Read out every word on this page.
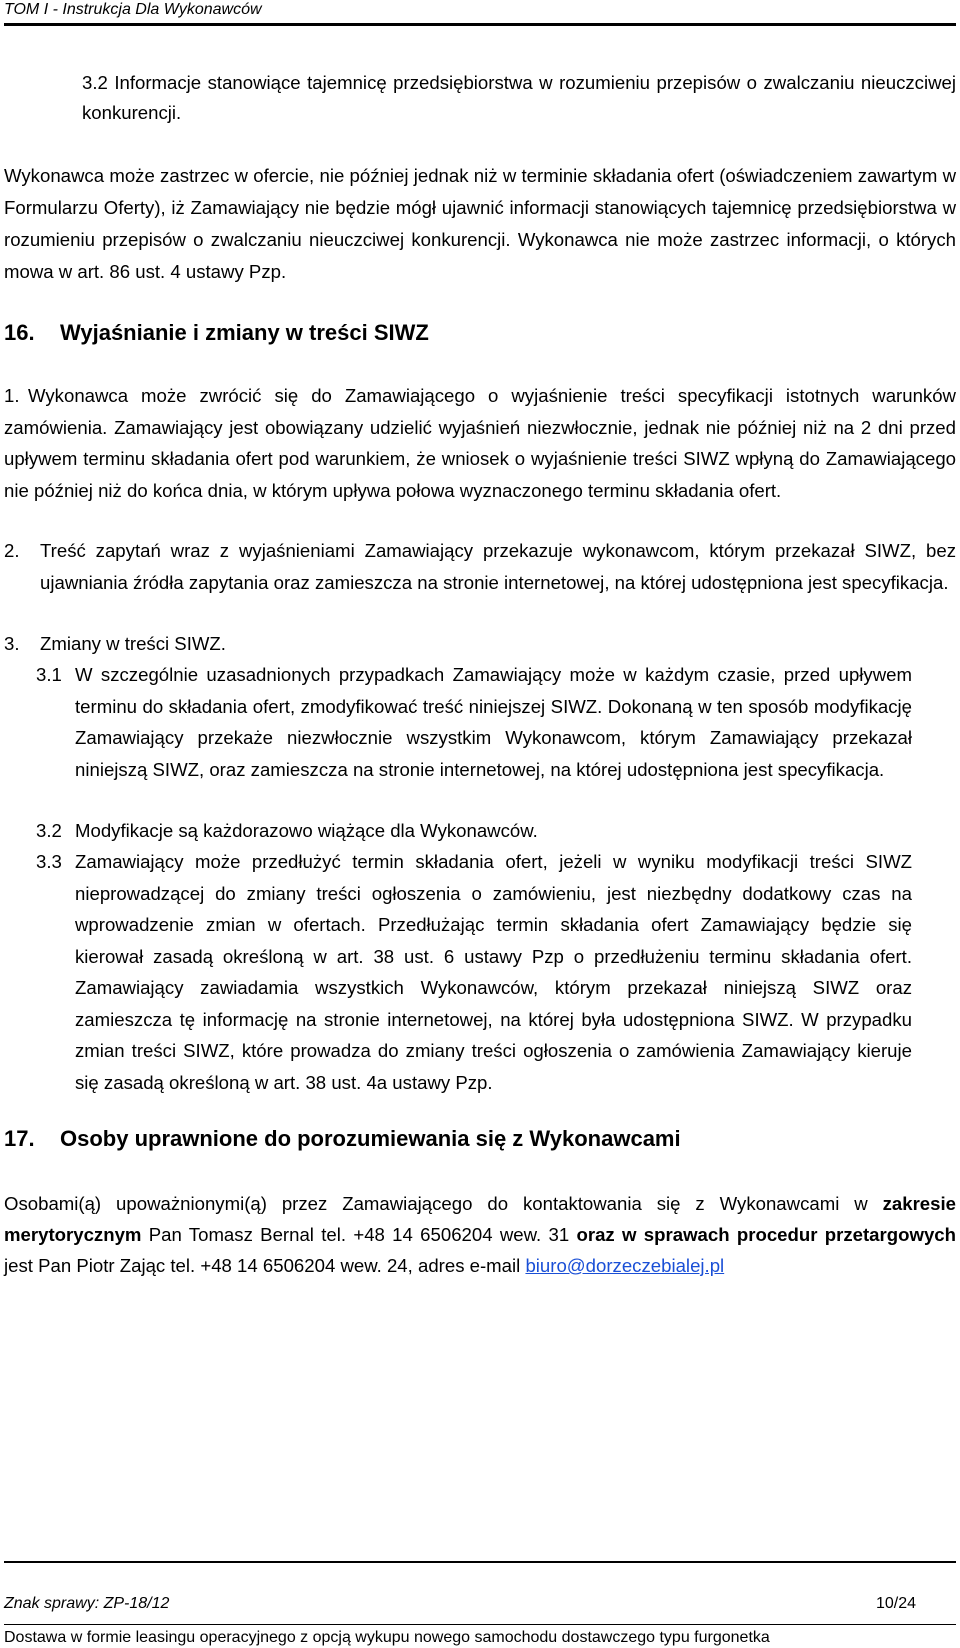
TOM I - Instrukcja Dla Wykonawców
3.2 Informacje stanowiące tajemnicę przedsiębiorstwa w rozumieniu przepisów o zwalczaniu nieuczciwej konkurencji.
Wykonawca może zastrzec w ofercie, nie później jednak niż w terminie składania ofert (oświadczeniem zawartym w Formularzu Oferty), iż Zamawiający nie będzie mógł ujawnić informacji stanowiących tajemnicę przedsiębiorstwa w rozumieniu przepisów o zwalczaniu nieuczciwej konkurencji. Wykonawca nie może zastrzec informacji, o których mowa w art. 86 ust. 4 ustawy Pzp.
16. Wyjaśnianie i zmiany w treści SIWZ
1. Wykonawca może zwrócić się do Zamawiającego o wyjaśnienie treści specyfikacji istotnych warunków zamówienia. Zamawiający jest obowiązany udzielić wyjaśnień niezwłocznie, jednak nie później niż na 2 dni przed upływem terminu składania ofert pod warunkiem, że wniosek o wyjaśnienie treści SIWZ wpłyną do Zamawiającego nie później niż do końca dnia, w którym upływa połowa wyznaczonego terminu składania ofert.
2. Treść zapytań wraz z wyjaśnieniami Zamawiający przekazuje wykonawcom, którym przekazał SIWZ, bez ujawniania źródła zapytania oraz zamieszcza na stronie internetowej, na której udostępniona jest specyfikacja.
3. Zmiany w treści SIWZ.
3.1 W szczególnie uzasadnionych przypadkach Zamawiający może w każdym czasie, przed upływem terminu do składania ofert, zmodyfikować treść niniejszej SIWZ. Dokonaną w ten sposób modyfikację Zamawiający przekaże niezwłocznie wszystkim Wykonawcom, którym Zamawiający przekazał niniejszą SIWZ, oraz zamieszcza na stronie internetowej, na której udostępniona jest specyfikacja.
3.2 Modyfikacje są każdorazowo wiążące dla Wykonawców.
3.3 Zamawiający może przedłużyć termin składania ofert, jeżeli w wyniku modyfikacji treści SIWZ nieprowadzącej do zmiany treści ogłoszenia o zamówieniu, jest niezbędny dodatkowy czas na wprowadzenie zmian w ofertach. Przedłużając termin składania ofert Zamawiający będzie się kierował zasadą określoną w art. 38 ust. 6 ustawy Pzp o przedłużeniu terminu składania ofert. Zamawiający zawiadamia wszystkich Wykonawców, którym przekazał niniejszą SIWZ oraz zamieszcza tę informację na stronie internetowej, na której była udostępniona SIWZ. W przypadku zmian treści SIWZ, które prowadza do zmiany treści ogłoszenia o zamówienia Zamawiający kieruje się zasadą określoną w art. 38 ust. 4a ustawy Pzp.
17. Osoby uprawnione do porozumiewania się z Wykonawcami
Osobami(ą) upoważnionymi(ą) przez Zamawiającego do kontaktowania się z Wykonawcami w zakresie merytorycznym Pan Tomasz Bernal tel. +48 14 6506204 wew. 31 oraz w sprawach procedur przetargowych jest Pan Piotr Zając tel. +48 14 6506204 wew. 24, adres e-mail biuro@dorzeczebialej.pl
Znak sprawy: ZP-18/12	10/24
Dostawa w formie leasingu operacyjnego z opcją wykupu nowego samochodu dostawczego typu furgonetka
